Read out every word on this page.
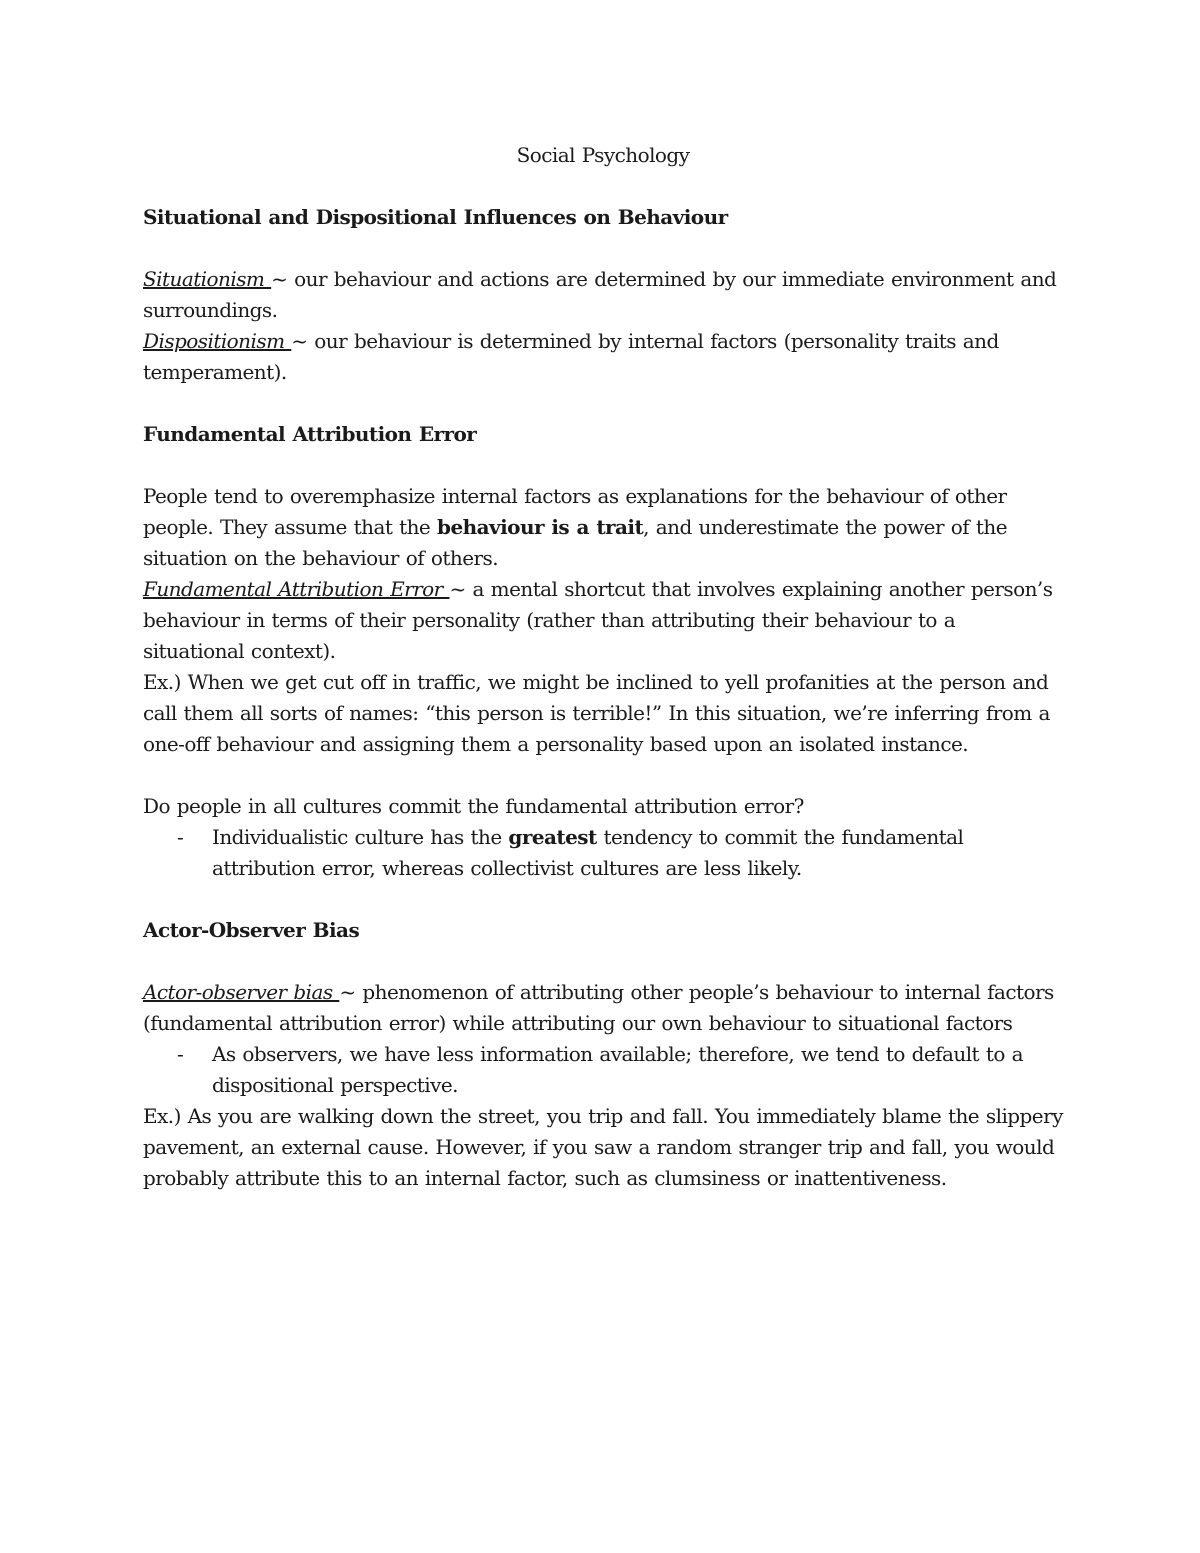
Social Psychology

Situational and Dispositional Influences on Behaviour

Situationism ~ our behaviour and actions are determined by our immediate environment and surroundings.

Dispositionism ~ our behaviour is determined by internal factors (personality traits and temperament).

Fundamental Attribution Error

People tend to overemphasize internal factors as explanations for the behaviour of other people. They assume that the behaviour is a trait, and underestimate the power of the situation on the behaviour of others.

Fundamental Attribution Error ~ a mental shortcut that involves explaining another person’s behaviour in terms of their personality (rather than attributing their behaviour to a situational context).

Ex.) When we get cut off in traffic, we might be inclined to yell profanities at the person and call them all sorts of names: “this person is terrible!” In this situation, we’re inferring from a one-off behaviour and assigning them a personality based upon an isolated instance.

Do people in all cultures commit the fundamental attribution error?

- Individualistic culture has the greatest tendency to commit the fundamental attribution error, whereas collectivist cultures are less likely.

Actor-Observer Bias

Actor-observer bias ~ phenomenon of attributing other people’s behaviour to internal factors (fundamental attribution error) while attributing our own behaviour to situational factors

- As observers, we have less information available; therefore, we tend to default to a dispositional perspective.

Ex.) As you are walking down the street, you trip and fall. You immediately blame the slippery pavement, an external cause. However, if you saw a random stranger trip and fall, you would probably attribute this to an internal factor, such as clumsiness or inattentiveness.
